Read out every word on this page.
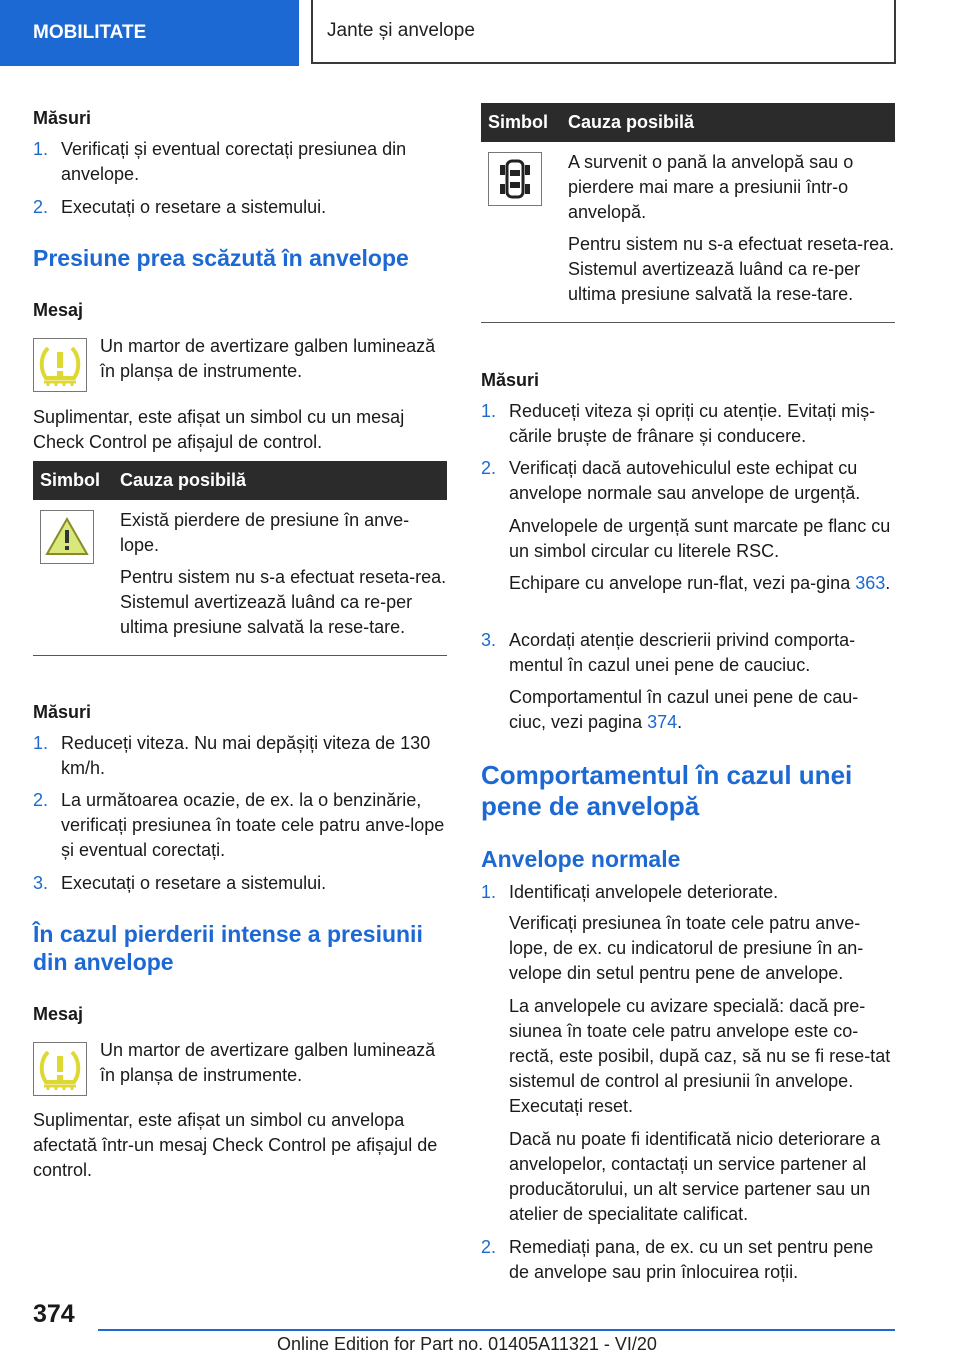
MOBILITATE	Jante și anvelope
Măsuri
1. Verificați și eventual corectați presiunea din anvelope.
2. Executați o resetare a sistemului.
Presiune prea scăzută în anvelope
Mesaj
Un martor de avertizare galben luminează în planșa de instrumente.
Suplimentar, este afișat un simbol cu un mesaj Check Control pe afișajul de control.
Simbol	Cauza posibilă

Există pierdere de presiune în anve-lope.

Pentru sistem nu s-a efectuat reseta-rea. Sistemul avertizează luând ca re-per ultima presiune salvată la rese-tare.

Măsuri
1. Reduceți viteza. Nu mai depășiți viteza de 130 km/h.
2. La următoarea ocazie, de ex. la o benzinărie, verificați presiunea în toate cele patru anve-lope și eventual corectați.
3. Executați o resetare a sistemului.
În cazul pierderii intense a presiunii din anvelope
Mesaj
Un martor de avertizare galben luminează în planșa de instrumente.
Suplimentar, este afișat un simbol cu anvelopa afectată într-un mesaj Check Control pe afișajul de control.
Simbol	Cauza posibilă

A survenit o pană la anvelopă sau o pierdere mai mare a presiunii într-o anvelopă.

Pentru sistem nu s-a efectuat reseta-rea. Sistemul avertizează luând ca re-per ultima presiune salvată la rese-tare.

Măsuri
1. Reduceți viteza și opriți cu atenție. Evitați miș-cările bruște de frânare și conducere.
2. Verificați dacă autovehiculul este echipat cu anvelope normale sau anvelope de urgență.
Anvelopele de urgență sunt marcate pe flanc cu un simbol circular cu literele RSC.
Echipare cu anvelope run-flat, vezi pa-gina 363.
3. Acordați atenție descrierii privind comporta-mentul în cazul unei pene de cauciuc.
Comportamentul în cazul unei pene de cau-ciuc, vezi pagina 374.
Comportamentul în cazul unei pene de anvelopă
Anvelope normale
1. Identificați anvelopele deteriorate.
Verificați presiunea în toate cele patru anve-lope, de ex. cu indicatorul de presiune în an-velope din setul pentru pene de anvelope.
La anvelopele cu avizare specială: dacă pre-siunea în toate cele patru anvelope este co-rectă, este posibil, după caz, să nu se fi rese-tat sistemul de control al presiunii în anvelope. Executați reset.
Dacă nu poate fi identificată nicio deteriorare a anvelopelor, contactați un service partener al producătorului, un alt service partener sau un atelier de specialitate calificat.
2. Remediați pana, de ex. cu un set pentru pene de anvelope sau prin înlocuirea roții.
374
Online Edition for Part no. 01405A11321 - VI/20
